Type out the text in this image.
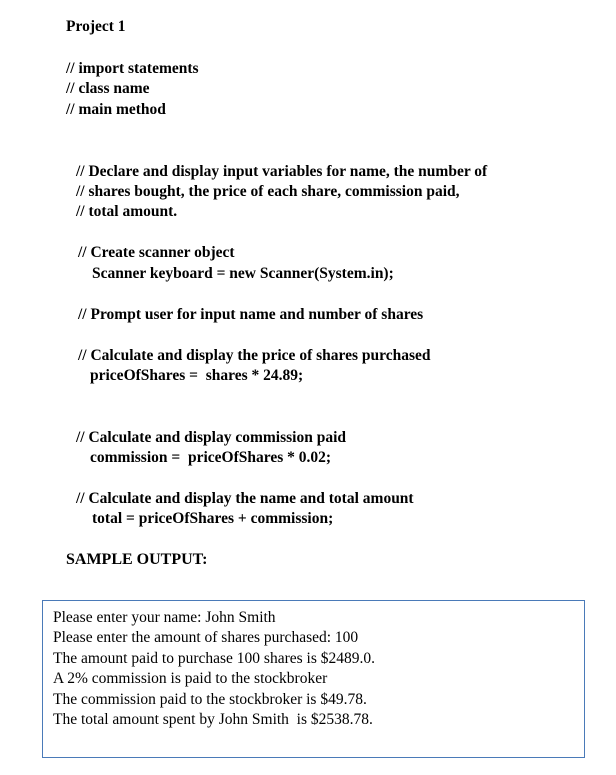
Project 1
// import statements
// class name
// main method
// Declare and display input variables for name, the number of
// shares bought, the price of each share, commission paid,
// total amount.
// Create scanner object
Scanner keyboard = new Scanner(System.in);
// Prompt user for input name and number of shares
// Calculate and display the price of shares purchased
priceOfShares =  shares * 24.89;
// Calculate and display commission paid
commission =  priceOfShares * 0.02;
// Calculate and display the name and total amount
total = priceOfShares + commission;
SAMPLE OUTPUT:
Please enter your name: John Smith
Please enter the amount of shares purchased: 100
The amount paid to purchase 100 shares is $2489.0.
A 2% commission is paid to the stockbroker
The commission paid to the stockbroker is $49.78.
The total amount spent by John Smith  is $2538.78.
